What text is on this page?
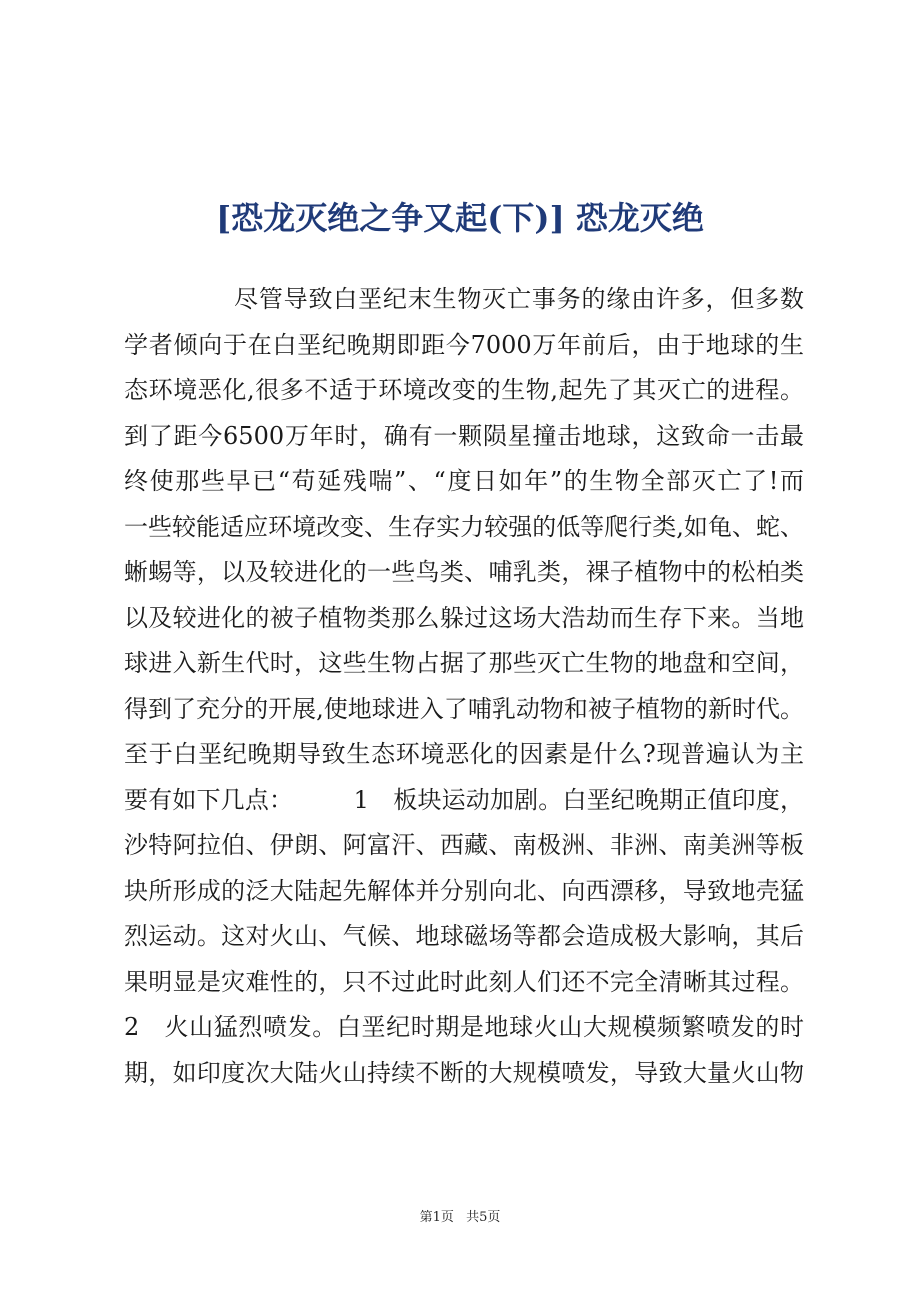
[恐龙灭绝之争又起(下)] 恐龙灭绝
尽管导致白垩纪末生物灭亡事务的缘由许多，但多数
学者倾向于在白垩纪晚期即距今7000万年前后，由于地球的生
态环境恶化,很多不适于环境改变的生物,起先了其灭亡的进程。
到了距今6500万年时，确有一颗陨星撞击地球，这致命一击最
终使那些早已“苟延残喘”、“度日如年”的生物全部灭亡了!而
一些较能适应环境改变、生存实力较强的低等爬行类,如龟、蛇、
蜥蜴等，以及较进化的一些鸟类、哺乳类，裸子植物中的松柏类
以及较进化的被子植物类那么躲过这场大浩劫而生存下来。当地
球进入新生代时，这些生物占据了那些灭亡生物的地盘和空间，
得到了充分的开展,使地球进入了哺乳动物和被子植物的新时代。
至于白垩纪晚期导致生态环境恶化的因素是什么?现普遍认为主
要有如下几点：　　　1　板块运动加剧。白垩纪晚期正值印度，
沙特阿拉伯、伊朗、阿富汗、西藏、南极洲、非洲、南美洲等板
块所形成的泛大陆起先解体并分别向北、向西漂移，导致地壳猛
烈运动。这对火山、气候、地球磁场等都会造成极大影响，其后
果明显是灾难性的，只不过此时此刻人们还不完全清晰其过程。
2　火山猛烈喷发。白垩纪时期是地球火山大规模频繁喷发的时
期，如印度次大陆火山持续不断的大规模喷发，导致大量火山物
第1页 共5页
